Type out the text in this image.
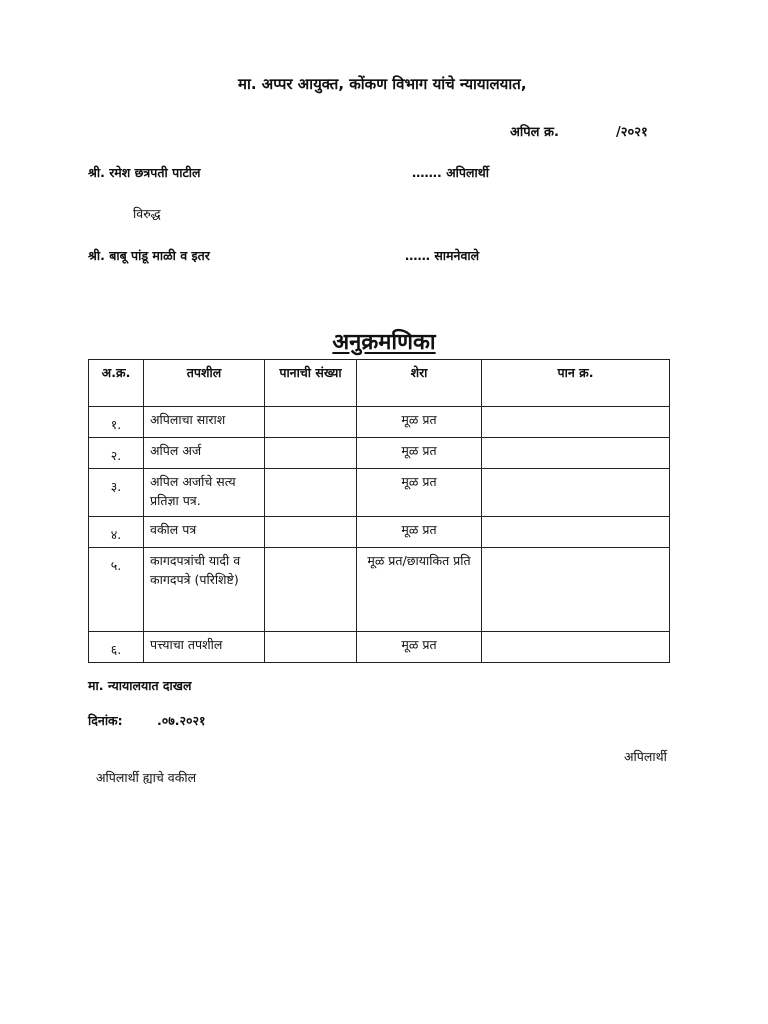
मा. अप्पर आयुक्त, कोंकण विभाग यांचे न्यायालयात,
अपिल क्र.	/२०२१
श्री. रमेश छत्रपती पाटील	……. अपिलार्थी
विरुद्ध
श्री. बाबू पांडू माळी व इतर	…… सामनेवाले
अनुक्रमणिका
अ.क्र.	तपशील	पानाची संख्या	शेरा	पान क्र.
१.	अपिलाचा साराश		मूळ प्रत	
२.	अपिल अर्ज		मूळ प्रत	
३.	अपिल अर्जाचे सत्य प्रतिज्ञा पत्र.		मूळ प्रत	
४.	वकील पत्र		मूळ प्रत	
५.	कागदपत्रांची यादी व कागदपत्रे (परिशिष्टे)		मूळ प्रत/छायाकित प्रति	
६.	पत्त्याचा तपशील		मूळ प्रत	
मा. न्यायालयात दाखल
दिनांक:	.०७.२०२१
अपिलार्थी
अपिलार्थी ह्याचे वकील
